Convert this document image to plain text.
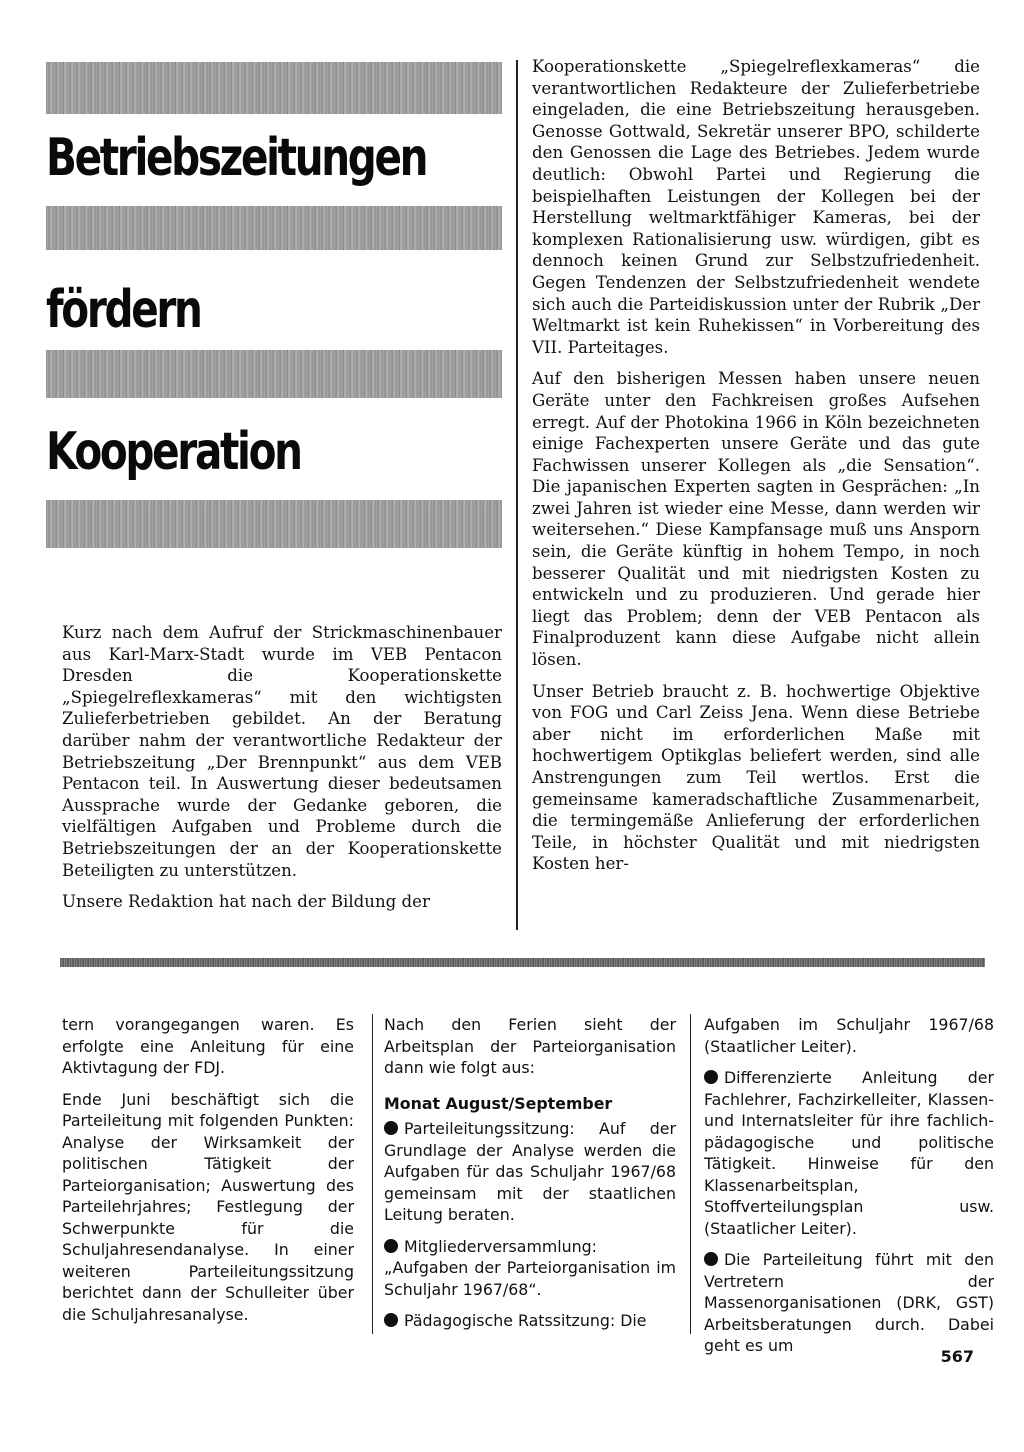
Betriebszeitungen
fördern
Kooperation

Kurz nach dem Aufruf der Strickmaschinenbauer aus Karl-Marx-Stadt wurde im VEB Pentacon Dresden die Kooperationskette „Spiegelreflexkameras“ mit den wichtigsten Zulieferbetrieben gebildet. An der Beratung darüber nahm der verantwortliche Redakteur der Betriebszeitung „Der Brennpunkt“ aus dem VEB Pentacon teil. In Auswertung dieser bedeutsamen Aussprache wurde der Gedanke geboren, die vielfältigen Aufgaben und Probleme durch die Betriebszeitungen der an der Kooperationskette Beteiligten zu unterstützen.

Unsere Redaktion hat nach der Bildung der

Kooperationskette „Spiegelreflexkameras“ die verantwortlichen Redakteure der Zulieferbetriebe eingeladen, die eine Betriebszeitung herausgeben. Genosse Gottwald, Sekretär unserer BPO, schilderte den Genossen die Lage des Betriebes. Jedem wurde deutlich: Obwohl Partei und Regierung die beispielhaften Leistungen der Kollegen bei der Herstellung weltmarktfähiger Kameras, bei der komplexen Rationalisierung usw. würdigen, gibt es dennoch keinen Grund zur Selbstzufriedenheit. Gegen Tendenzen der Selbstzufriedenheit wendete sich auch die Parteidiskussion unter der Rubrik „Der Weltmarkt ist kein Ruhekissen“ in Vorbereitung des VII. Parteitages.

Auf den bisherigen Messen haben unsere neuen Geräte unter den Fachkreisen großes Aufsehen erregt. Auf der Photokina 1966 in Köln bezeichneten einige Fachexperten unsere Geräte und das gute Fachwissen unserer Kollegen als „die Sensation“. Die japanischen Experten sagten in Gesprächen: „In zwei Jahren ist wieder eine Messe, dann werden wir weitersehen.“ Diese Kampfansage muß uns Ansporn sein, die Geräte künftig in hohem Tempo, in noch besserer Qualität und mit niedrigsten Kosten zu entwickeln und zu produzieren. Und gerade hier liegt das Problem; denn der VEB Pentacon als Finalproduzent kann diese Aufgabe nicht allein lösen.

Unser Betrieb braucht z. B. hochwertige Objektive von FOG und Carl Zeiss Jena. Wenn diese Betriebe aber nicht im erforderlichen Maße mit hochwertigem Optikglas beliefert werden, sind alle Anstrengungen zum Teil wertlos. Erst die gemeinsame kameradschaftliche Zusammenarbeit, die termingemäße Anlieferung der erforderlichen Teile, in höchster Qualität und mit niedrigsten Kosten her-

tern vorangegangen waren. Es erfolgte eine Anleitung für eine Aktivtagung der FDJ.

Ende Juni beschäftigt sich die Parteileitung mit folgenden Punkten: Analyse der Wirksamkeit der politischen Tätigkeit der Parteiorganisation; Auswertung des Parteilehrjahres; Festlegung der Schwerpunkte für die Schuljahresendanalyse. In einer weiteren Parteileitungssitzung berichtet dann der Schulleiter über die Schuljahresanalyse.

Nach den Ferien sieht der Arbeitsplan der Parteiorganisation dann wie folgt aus:

Monat August/September

Parteileitungssitzung: Auf der Grundlage der Analyse werden die Aufgaben für das Schuljahr 1967/68 gemeinsam mit der staatlichen Leitung beraten.

Mitgliederversammlung: „Aufgaben der Parteiorganisation im Schuljahr 1967/68“.

Pädagogische Ratssitzung: Die

Aufgaben im Schuljahr 1967/68 (Staatlicher Leiter).

Differenzierte Anleitung der Fachlehrer, Fachzirkelleiter, Klassen- und Internatsleiter für ihre fachlich-pädagogische und politische Tätigkeit. Hinweise für den Klassenarbeitsplan, Stoffverteilungsplan usw. (Staatlicher Leiter).

Die Parteileitung führt mit den Vertretern der Massenorganisationen (DRK, GST) Arbeitsberatungen durch. Dabei geht es um

567
